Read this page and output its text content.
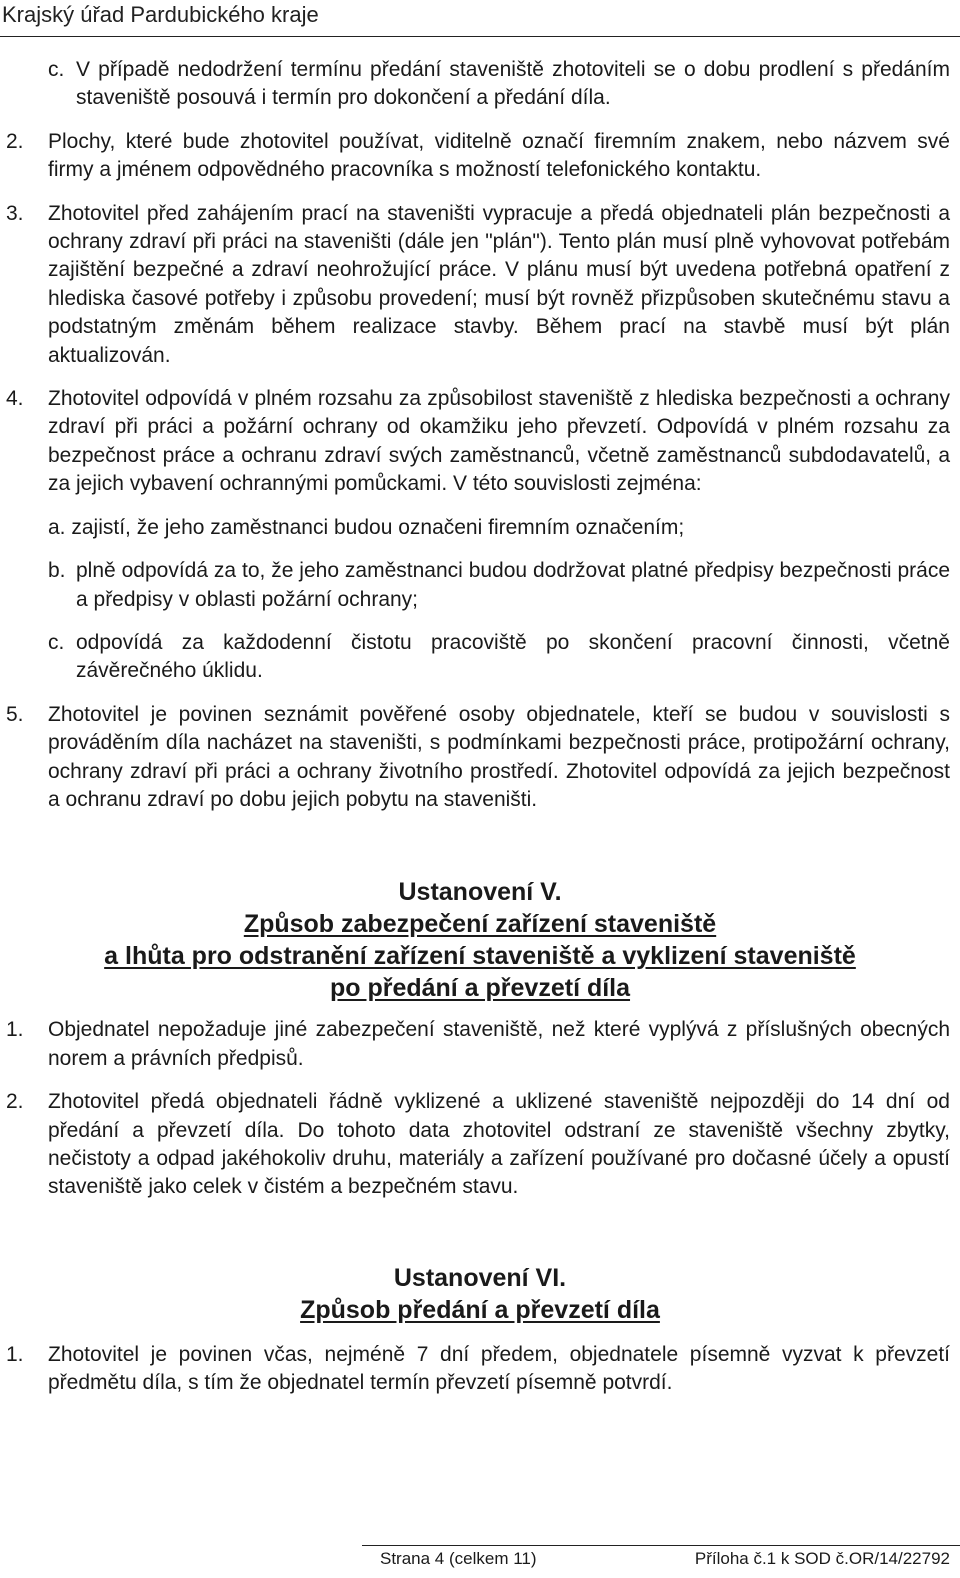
Krajský úřad Pardubického kraje
c. V případě nedodržení termínu předání staveniště zhotoviteli se o dobu prodlení s předáním staveniště posouvá i termín pro dokončení a předání díla.
2. Plochy, které bude zhotovitel používat, viditelně označí firemním znakem, nebo názvem své firmy a jménem odpovědného pracovníka s možností telefonického kontaktu.
3. Zhotovitel před zahájením prací na staveništi vypracuje a předá objednateli plán bezpečnosti a ochrany zdraví při práci na staveništi (dále jen "plán"). Tento plán musí plně vyhovovat potřebám zajištění bezpečné a zdraví neohrožující práce. V plánu musí být uvedena potřebná opatření z hlediska časové potřeby i způsobu provedení; musí být rovněž přizpůsoben skutečnému stavu a podstatným změnám během realizace stavby. Během prací na stavbě musí být plán aktualizován.
4. Zhotovitel odpovídá v plném rozsahu za způsobilost staveniště z hlediska bezpečnosti a ochrany zdraví při práci a požární ochrany od okamžiku jeho převzetí. Odpovídá v plném rozsahu za bezpečnost práce a ochranu zdraví svých zaměstnanců, včetně zaměstnanců subdodavatelů, a za jejich vybavení ochrannými pomůckami. V této souvislosti zejména:
a. zajistí, že jeho zaměstnanci budou označeni firemním označením;
b. plně odpovídá za to, že jeho zaměstnanci budou dodržovat platné předpisy bezpečnosti práce a předpisy v oblasti požární ochrany;
c. odpovídá za každodenní čistotu pracoviště po skončení pracovní činnosti, včetně závěrečného úklidu.
5. Zhotovitel je povinen seznámit pověřené osoby objednatele, kteří se budou v souvislosti s prováděním díla nacházet na staveništi, s podmínkami bezpečnosti práce, protipožární ochrany, ochrany zdraví při práci a ochrany životního prostředí. Zhotovitel odpovídá za jejich bezpečnost a ochranu zdraví po dobu jejich pobytu na staveništi.
Ustanovení V.
Způsob zabezpečení zařízení staveniště
a lhůta pro odstranění zařízení staveniště a vyklizení staveniště
po předání a převzetí díla
1. Objednatel nepožaduje jiné zabezpečení staveniště, než které vyplývá z příslušných obecných norem a právních předpisů.
2. Zhotovitel předá objednateli řádně vyklizené a uklizené staveniště nejpozději do 14 dní od předání a převzetí díla. Do tohoto data zhotovitel odstraní ze staveniště všechny zbytky, nečistoty a odpad jakéhokoliv druhu, materiály a zařízení používané pro dočasné účely a opustí staveniště jako celek v čistém a bezpečném stavu.
Ustanovení VI.
Způsob předání a převzetí díla
1. Zhotovitel je povinen včas, nejméně 7 dní předem, objednatele písemně vyzvat k převzetí předmětu díla, s tím že objednatel termín převzetí písemně potvrdí.
Strana 4 (celkem 11)	Příloha č.1 k SOD č.OR/14/22792
